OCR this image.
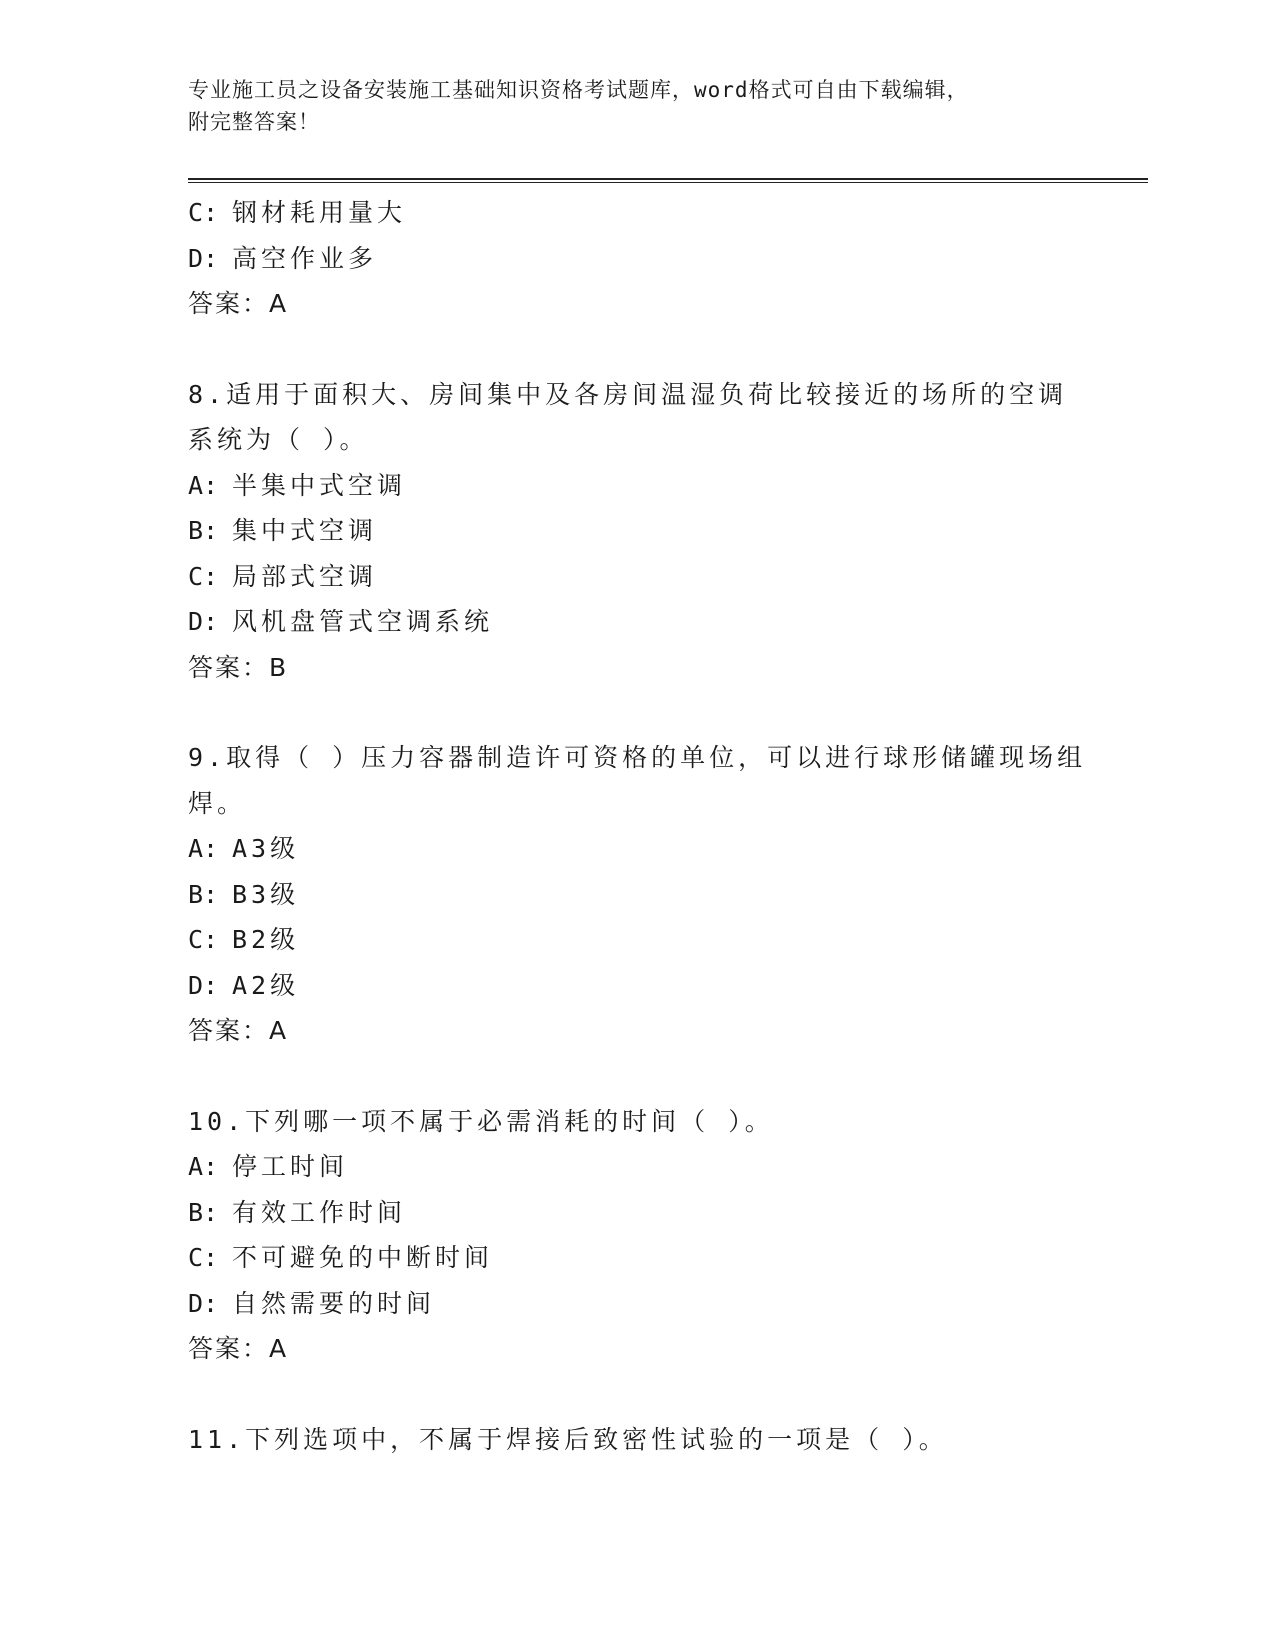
专业施工员之设备安装施工基础知识资格考试题库，word格式可自由下载编辑，
附完整答案！
C: 钢材耗用量大
D: 高空作业多
答案：A
8.适用于面积大、房间集中及各房间温湿负荷比较接近的场所的空调
系统为（ ）。
A: 半集中式空调
B: 集中式空调
C: 局部式空调
D: 风机盘管式空调系统
答案：B
9.取得（ ）压力容器制造许可资格的单位，可以进行球形储罐现场组
焊。
A: A3级
B: B3级
C: B2级
D: A2级
答案：A
10.下列哪一项不属于必需消耗的时间（ ）。
A: 停工时间
B: 有效工作时间
C: 不可避免的中断时间
D: 自然需要的时间
答案：A
11.下列选项中，不属于焊接后致密性试验的一项是（ ）。
